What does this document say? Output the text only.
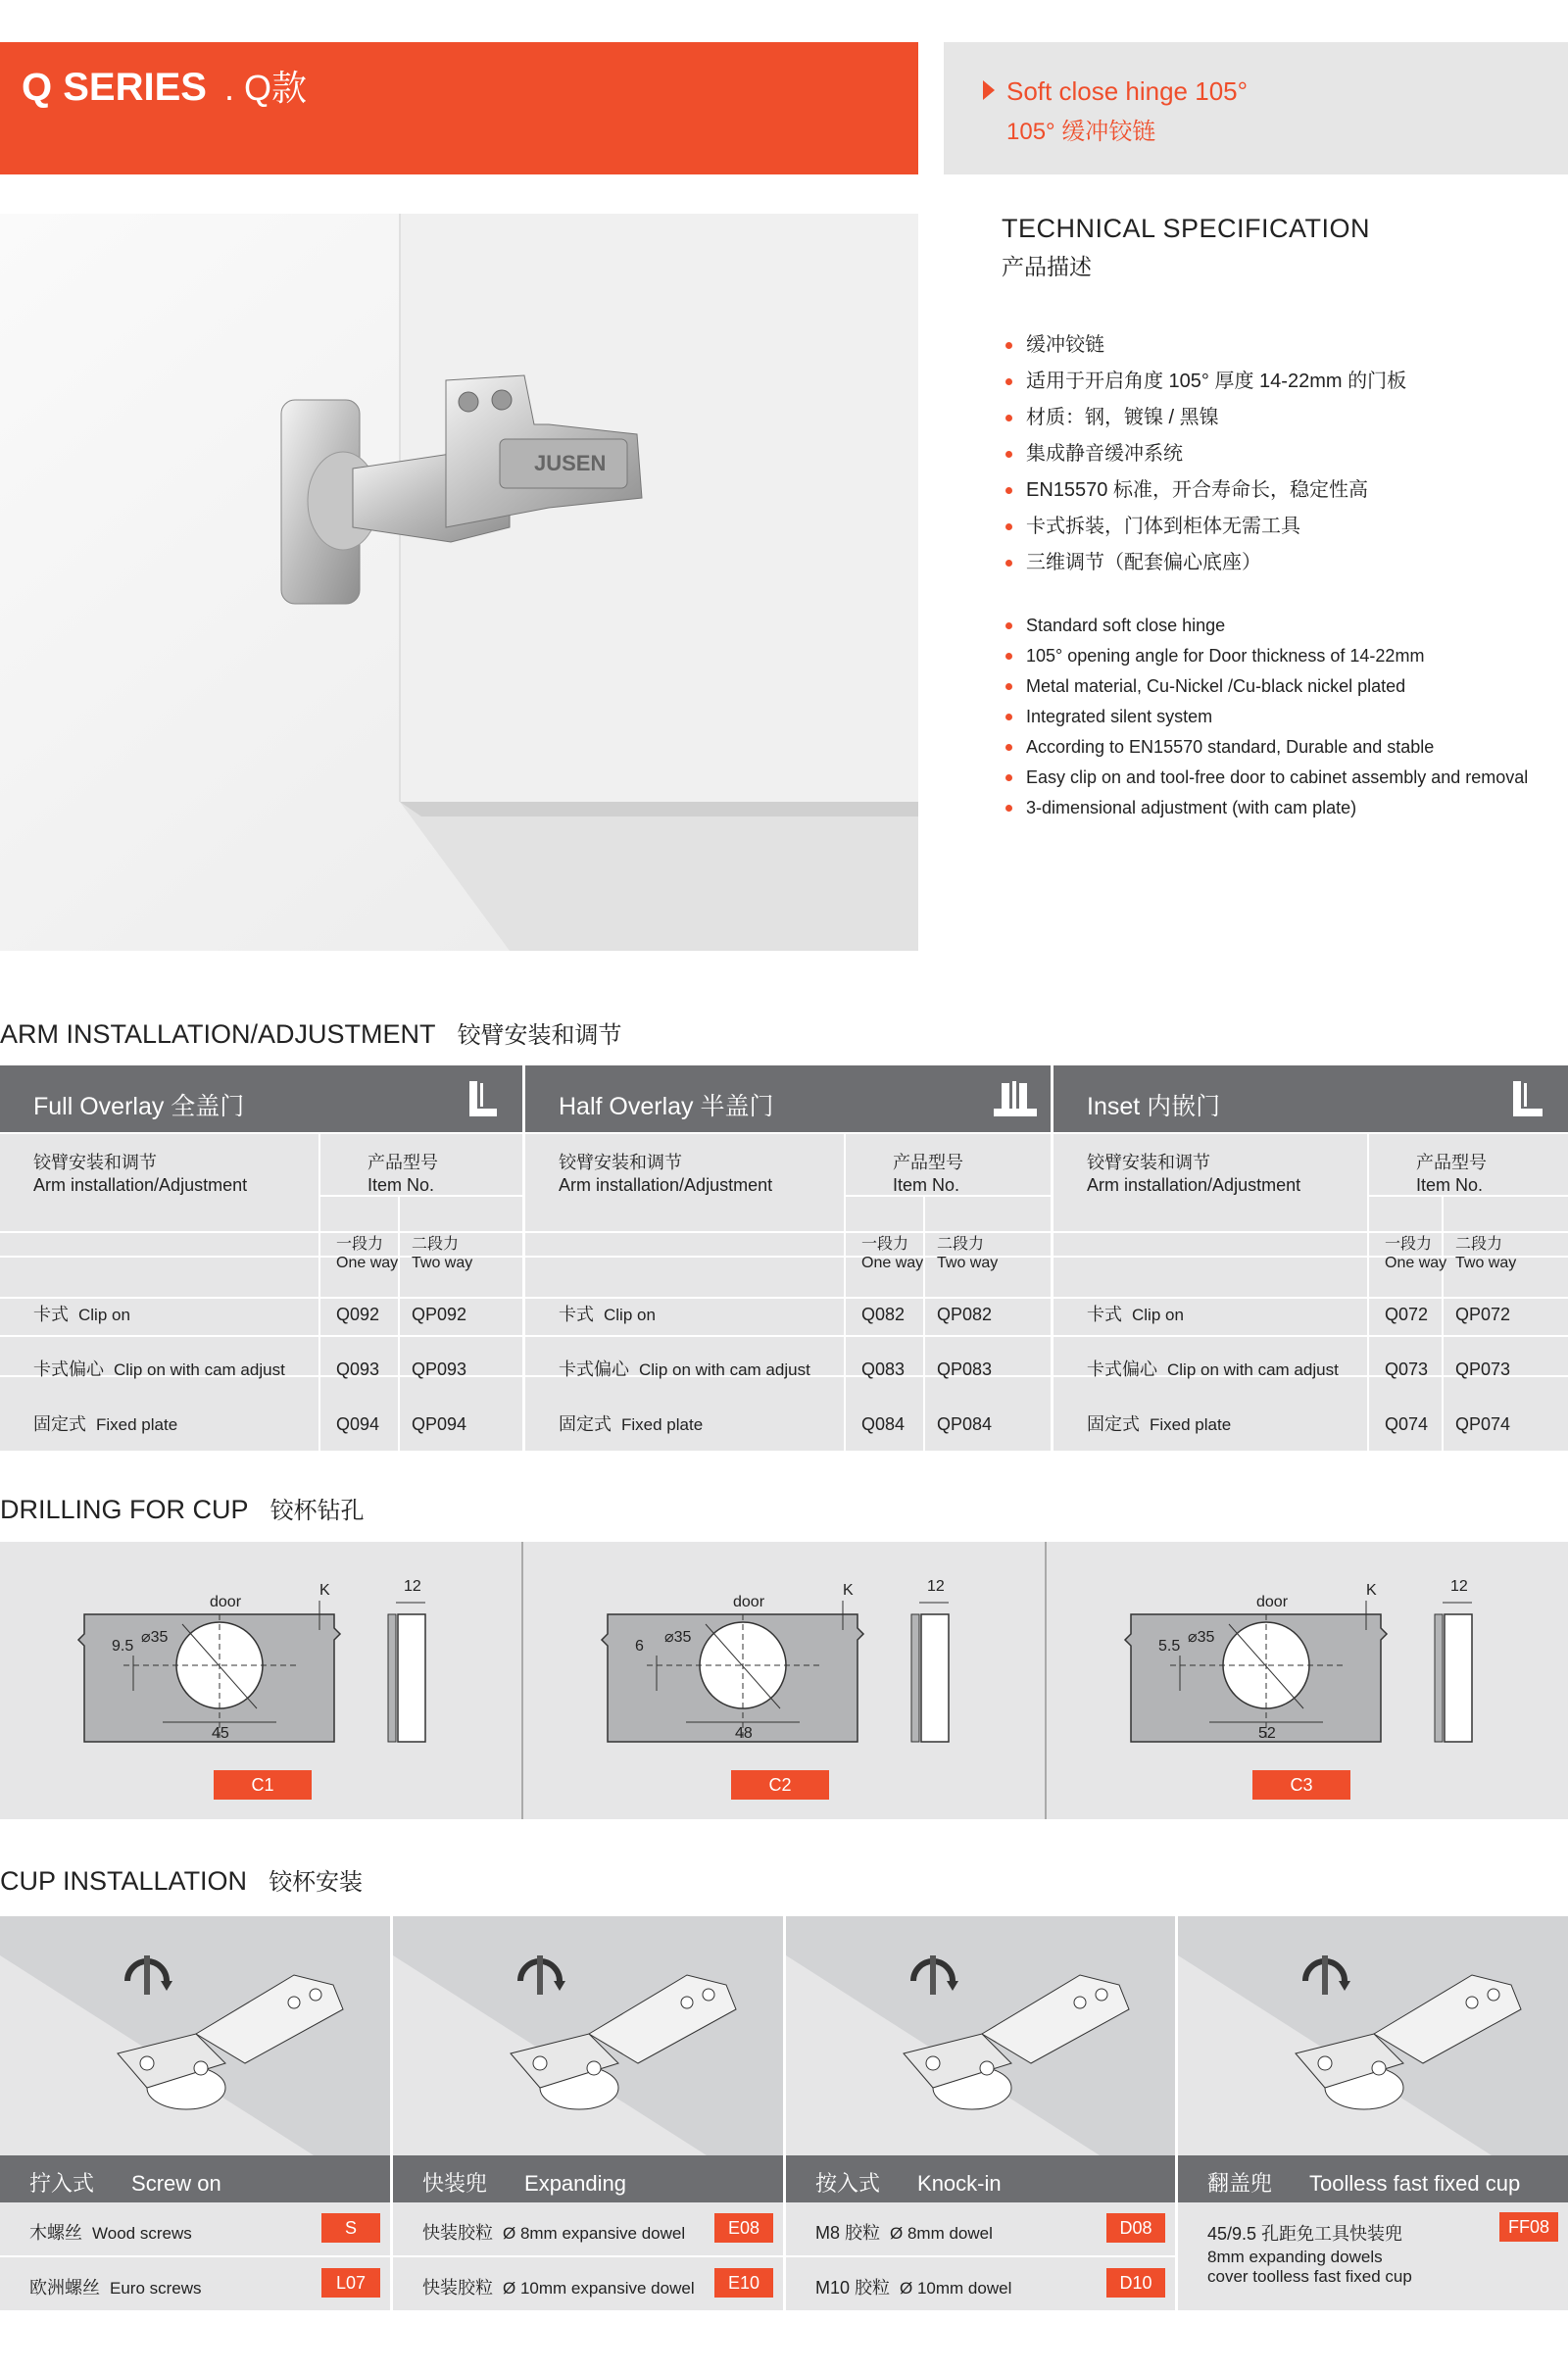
Q SERIES . Q款
JUSEN炬森
Soft close hinge 105°
105° 缓冲铰链
JUSEN
TECHNICAL SPECIFICATION
产品描述
缓冲铰链
适用于开启角度 105° 厚度 14-22mm 的门板
材质：钢，镀镍 / 黑镍
集成静音缓冲系统
EN15570 标准，开合寿命长，稳定性高
卡式拆装，门体到柜体无需工具
三维调节（配套偏心底座）
Standard soft close hinge
105° opening angle for Door thickness of 14-22mm
Metal material, Cu-Nickel /Cu-black nickel plated
Integrated silent system
According to EN15570 standard, Durable and stable
Easy clip on and tool-free door to cabinet assembly and removal
3-dimensional adjustment (with cam plate)
ARM INSTALLATION/ADJUSTMENT 铰臂安装和调节
Full Overlay 全盖门
铰臂安装和调节
Arm installation/Adjustment
产品型号
Item No.
一段力
One way
二段力
Two way
卡式 Clip on	Q092 QP092
卡式偏心 Clip on with cam adjust	Q093 QP093
固定式 Fixed plate	Q094 QP094
Half Overlay 半盖门
铰臂安装和调节
Arm installation/Adjustment
产品型号
Item No.
一段力
One way
二段力
Two way
卡式 Clip on	Q082 QP082
卡式偏心 Clip on with cam adjust	Q083 QP083
固定式 Fixed plate	Q084 QP084
Inset 内嵌门
铰臂安装和调节
Arm installation/Adjustment
产品型号
Item No.
一段力
One way
二段力
Two way
卡式 Clip on	Q072 QP072
卡式偏心 Clip on with cam adjust	Q073 QP073
固定式 Fixed plate	Q074 QP074
DRILLING FOR CUP 铰杯钻孔
door
K
⌀35
12
9.5
45
C1
door
K
⌀35
12
6
48
C2
door
K
⌀35
12
5.5
52
C3
CUP INSTALLATION 铰杯安装
拧入式 Screw on
木螺丝 Wood screws	S
欧洲螺丝 Euro screws	L07
快装兜 Expanding
快装胶粒 Ø 8mm expansive dowel	E08
快装胶粒 Ø 10mm expansive dowel	E10
按入式 Knock-in
M8 胶粒 Ø 8mm dowel	D08
M10 胶粒 Ø 10mm dowel	D10
翻盖兜 Toolless fast fixed cup
45/9.5 孔距免工具快装兜
8mm expanding dowels
cover toolless fast fixed cup
FF08
